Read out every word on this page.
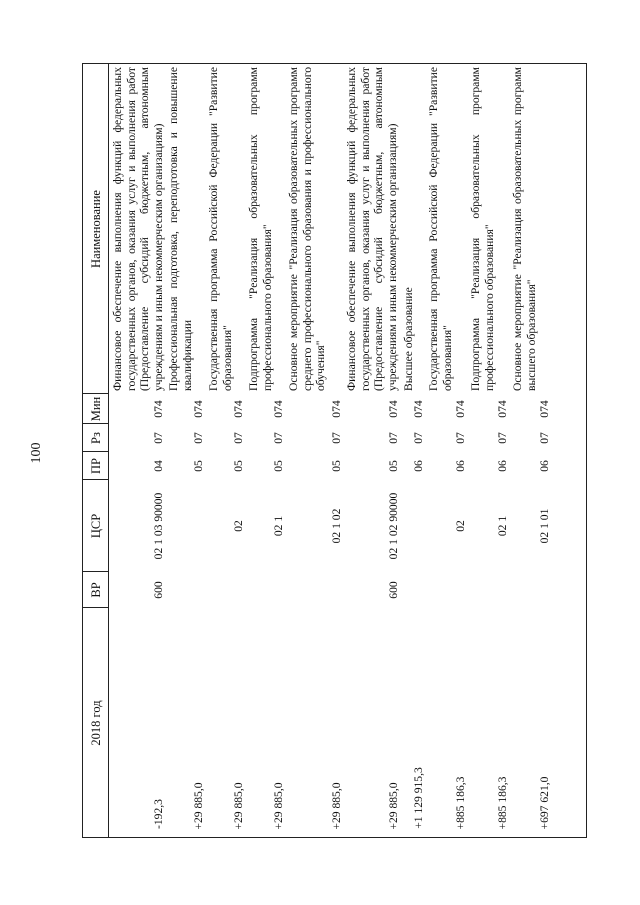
100
Наименование
Мин
Рз
ПР
ЦСР
ВР
2018 год
Финансовое обеспечение выполнения функций федеральных государственных органов, оказания услуг и выполнения работ (Предоставление субсидий бюджетным, автономным учреждениям и иным некоммерческим организациям)
074
07
04
02 1 03 90000
600
-192,3
Профессиональная подготовка, переподготовка и повышение квалификации
074
07
05
+29 885,0
Государственная программа Российской Федерации "Развитие образования"
074
07
05
02
+29 885,0
Подпрограмма "Реализация образовательных программ профессионального образования"
074
07
05
02 1
+29 885,0
Основное мероприятие "Реализация образовательных программ среднего профессионального образования и профессионального обучения"
074
07
05
02 1 02
+29 885,0
Финансовое обеспечение выполнения функций федеральных государственных органов, оказания услуг и выполнения работ (Предоставление субсидий бюджетным, автономным учреждениям и иным некоммерческим организациям)
074
07
05
02 1 02 90000
600
+29 885,0
Высшее образование
074
07
06
+1 129 915,3
Государственная программа Российской Федерации "Развитие образования"
074
07
06
02
+885 186,3
Подпрограмма "Реализация образовательных программ профессионального образования"
074
07
06
02 1
+885 186,3
Основное мероприятие "Реализация образовательных программ высшего образования"
074
07
06
02 1 01
+697 621,0
